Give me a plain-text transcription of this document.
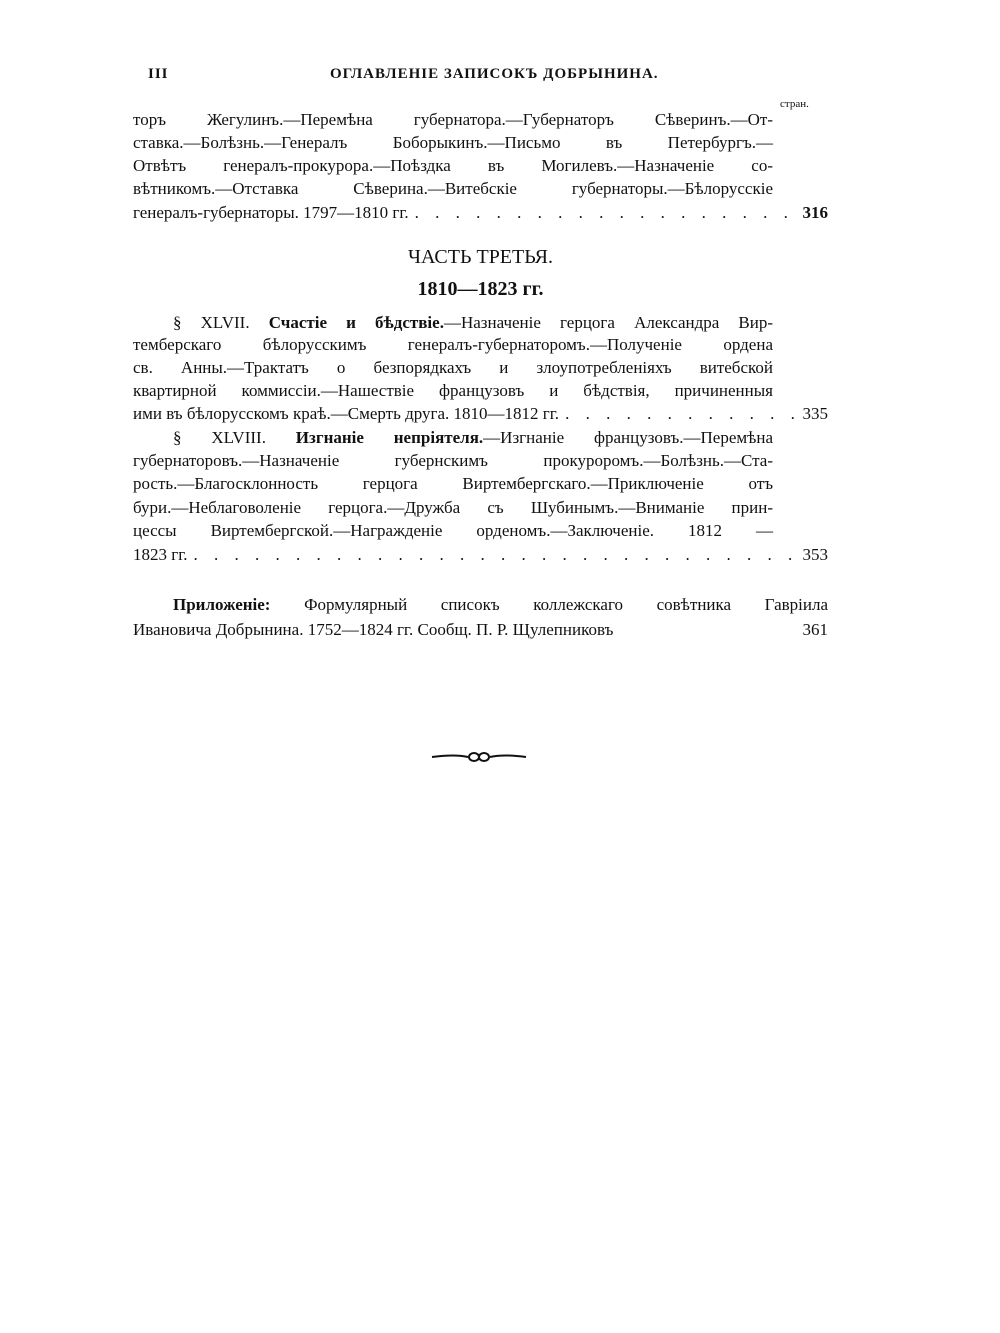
III	ОГЛАВЛЕНІЕ ЗАПИСОКЪ ДОБРЫНИНА.
стран.
торъ Жегулинъ.—Перемѣна губернатора.—Губернаторъ Сѣверинъ.—От-
ставка.—Болѣзнь.—Генералъ Боборыкинъ.—Письмо въ Петербургъ.—
Отвѣтъ генералъ-прокурора.—Поѣздка въ Могилевъ.—Назначеніе со-
вѣтникомъ.—Отставка Сѣверина.—Витебскіе губернаторы.—Бѣлорусскіе
генералъ-губернаторы. 1797—1810 гг. . . .	316
ЧАСТЬ ТРЕТЬЯ.
1810—1823 гг.
§ XLVII. Счастіе и бѣдствіе.—Назначеніе герцога Александра Вир-
темберскаго бѣлорусскимъ генералъ-губернаторомъ.—Полученіе ордена
св. Анны.—Трактатъ о безпорядкахъ и злоупотребленіяхъ витебской
квартирной коммиссіи.—Нашествіе французовъ и бѣдствія, причиненныя
ими въ бѣлорусскомъ краѣ.—Смерть друга. 1810—1812 гг. . . .	335
§ XLVIII. Изгнаніе непріятеля.—Изгнаніе французовъ.—Перемѣна
губернаторовъ.—Назначеніе губернскимъ прокуроромъ.—Болѣзнь.—Ста-
рость.—Благосклонность герцога Виртембергскаго.—Приключеніе отъ
бури.—Неблаговоленіе герцога.—Дружба съ Шубинымъ.—Вниманіе прин-
цессы Виртембергской.—Награжденіе орденомъ.—Заключеніе. 1812 —
1823 гг. . . .	353
Приложеніе: Формулярный списокъ коллежскаго совѣтника Гавріила
Ивановича Добрынина. 1752—1824 гг. Сообщ. П. Р. Щулепниковъ	361
